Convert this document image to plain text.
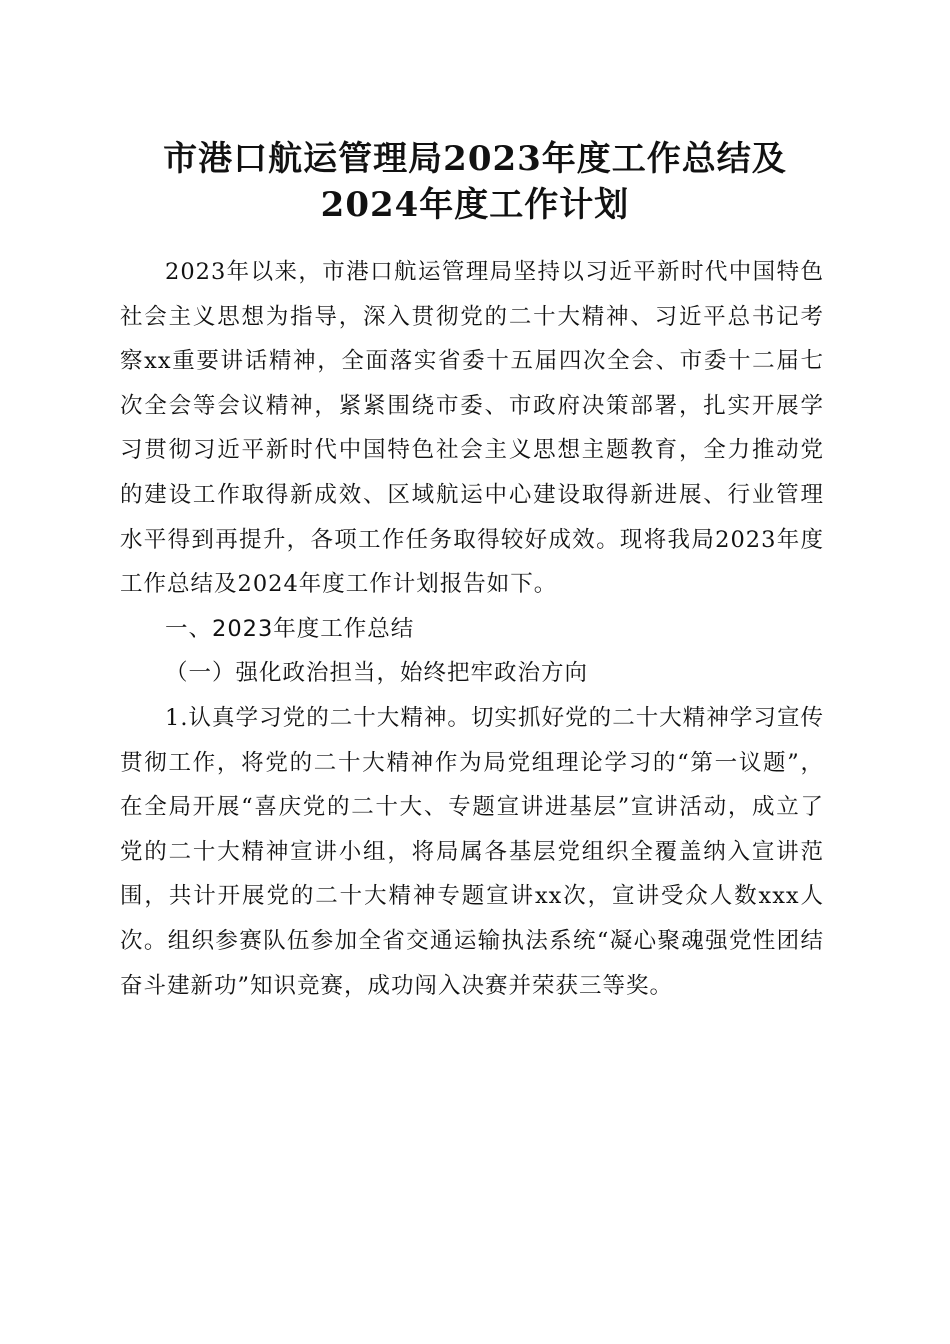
市港口航运管理局2023年度工作总结及2024年度工作计划

2023年以来，市港口航运管理局坚持以习近平新时代中国特色社会主义思想为指导，深入贯彻党的二十大精神、习近平总书记考察xx重要讲话精神，全面落实省委十五届四次全会、市委十二届七次全会等会议精神，紧紧围绕市委、市政府决策部署，扎实开展学习贯彻习近平新时代中国特色社会主义思想主题教育，全力推动党的建设工作取得新成效、区域航运中心建设取得新进展、行业管理水平得到再提升，各项工作任务取得较好成效。现将我局2023年度工作总结及2024年度工作计划报告如下。

一、2023年度工作总结

（一）强化政治担当，始终把牢政治方向

1.认真学习党的二十大精神。切实抓好党的二十大精神学习宣传贯彻工作，将党的二十大精神作为局党组理论学习的“第一议题”，在全局开展“喜庆党的二十大、专题宣讲进基层”宣讲活动，成立了党的二十大精神宣讲小组，将局属各基层党组织全覆盖纳入宣讲范围，共计开展党的二十大精神专题宣讲xx次，宣讲受众人数xxx人次。组织参赛队伍参加全省交通运输执法系统“凝心聚魂强党性团结奋斗建新功”知识竞赛，成功闯入决赛并荣获三等奖。
